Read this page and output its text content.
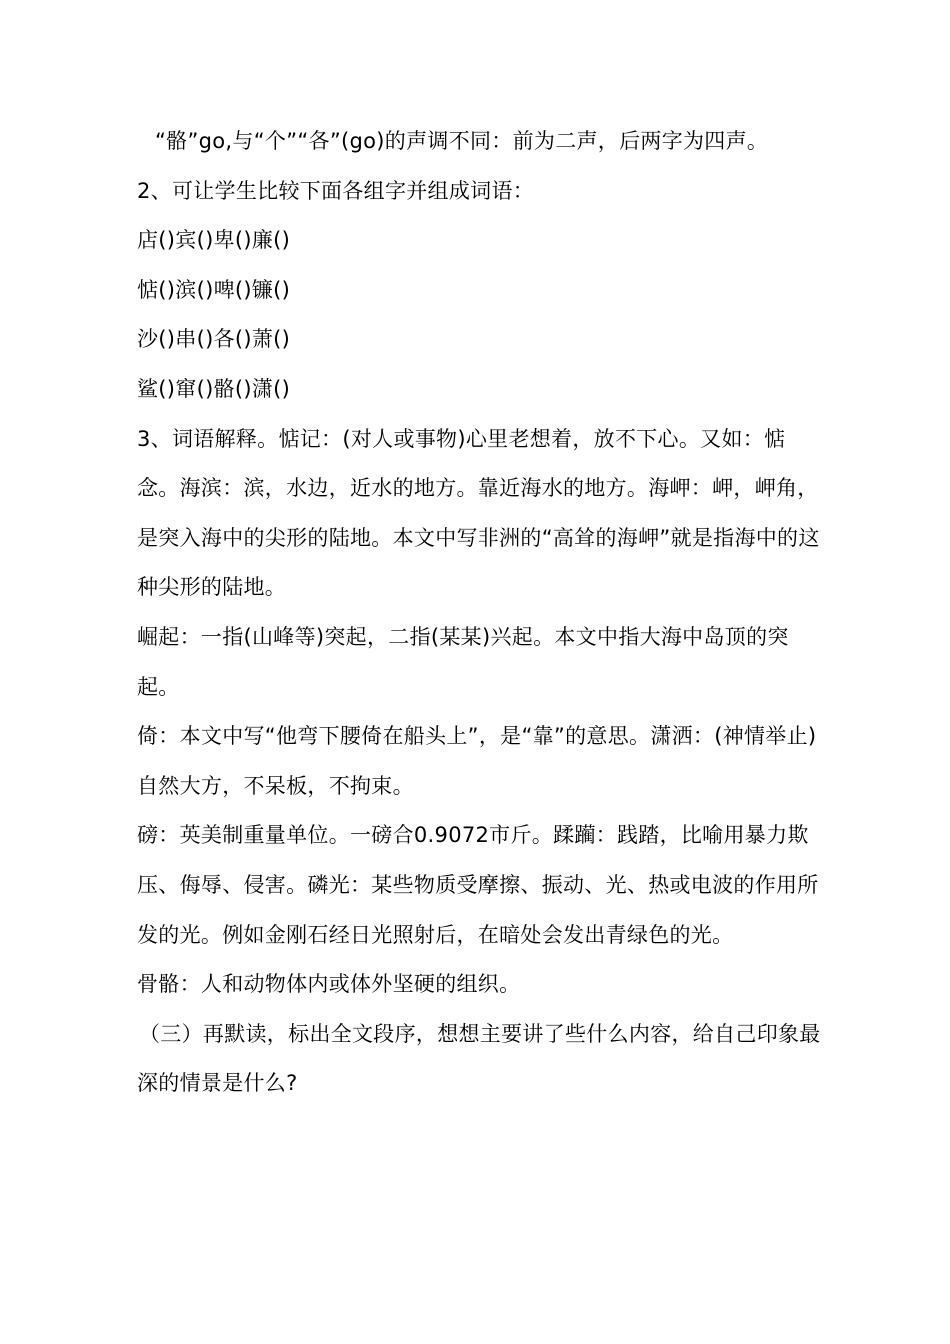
“骼”go,与“个”“各”(go)的声调不同：前为二声，后两字为四声。

2、可让学生比较下面各组字并组成词语：

店()宾()卑()廉()

惦()滨()啤()镰()

沙()串()各()萧()

鲨()窜()骼()潇()

3、词语解释。惦记：(对人或事物)心里老想着，放不下心。又如：惦念。海滨：滨，水边，近水的地方。靠近海水的地方。海岬：岬，岬角，是突入海中的尖形的陆地。本文中写非洲的“高耸的海岬”就是指海中的这种尖形的陆地。

崛起：一指(山峰等)突起，二指(某某)兴起。本文中指大海中岛顶的突起。

倚：本文中写“他弯下腰倚在船头上”，是“靠”的意思。潇洒：(神情举止)自然大方，不呆板，不拘束。

磅：英美制重量单位。一磅合0.9072市斤。蹂躏：践踏，比喻用暴力欺压、侮辱、侵害。磷光：某些物质受摩擦、振动、光、热或电波的作用所发的光。例如金刚石经日光照射后，在暗处会发出青绿色的光。

骨骼：人和动物体内或体外坚硬的组织。

（三）再默读，标出全文段序，想想主要讲了些什么内容，给自己印象最深的情景是什么?
